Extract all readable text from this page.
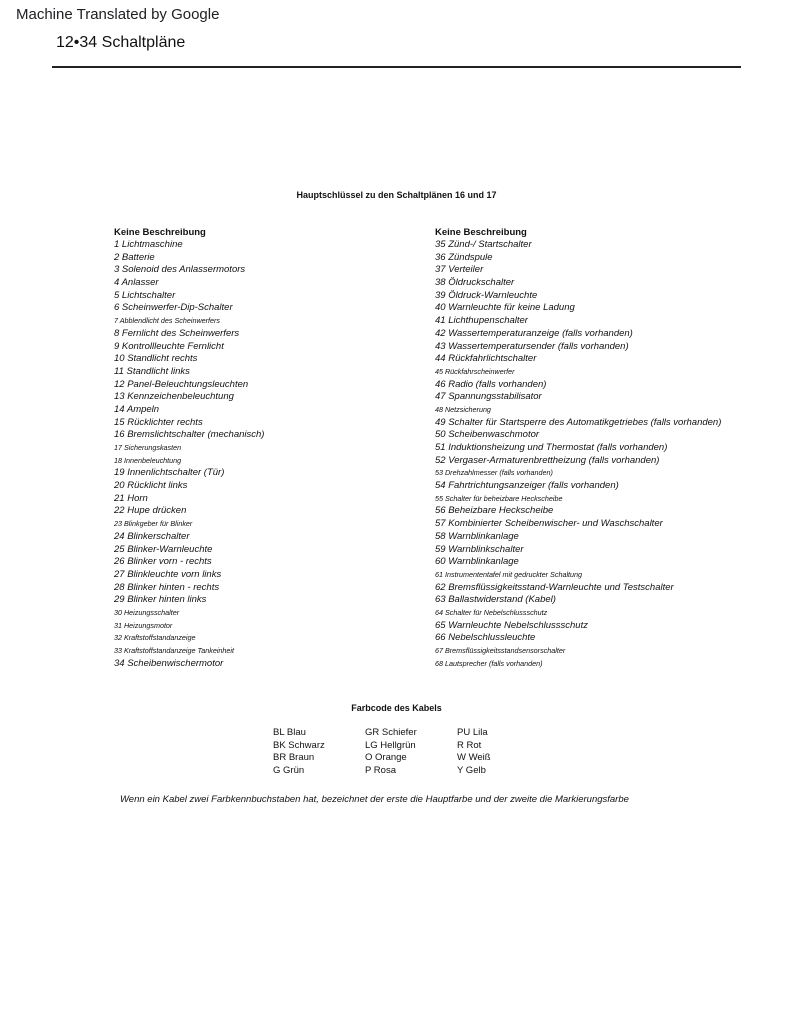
Machine Translated by Google
12•34 Schaltpläne
Hauptschlüssel zu den Schaltplänen 16 und 17
Keine Beschreibung
1 Lichtmaschine
2 Batterie
3 Solenoid des Anlassermotors
4 Anlasser
5 Lichtschalter
6 Scheinwerfer-Dip-Schalter
7 Abblendlicht des Scheinwerfers
8 Fernlicht des Scheinwerfers
9 Kontrollleuchte Fernlicht
10 Standlicht rechts
11 Standlicht links
12 Panel-Beleuchtungsleuchten
13 Kennzeichenbeleuchtung
14 Ampeln
15 Rücklichter rechts
16 Bremslichtschalter (mechanisch)
17 Sicherungskasten
18 Innenbeleuchtung
19 Innenlichtschalter (Tür)
20 Rücklicht links
21 Horn
22 Hupe drücken
23 Blinkgeber für Blinker
24 Blinkerschalter
25 Blinker-Warnleuchte
26 Blinker vorn - rechts
27 Blinkleuchte vorn links
28 Blinker hinten - rechts
29 Blinker hinten links
30 Heizungsschalter
31 Heizungsmotor
32 Kraftstoffstandanzeige
33 Kraftstoffstandanzeige Tankeinheit
34 Scheibenwischermotor
Keine Beschreibung
35 Zünd-/ Startschalter
36 Zündspule
37 Verteiler
38 Öldruckschalter
39 Öldruck-Warnleuchte
40 Warnleuchte für keine Ladung
41 Lichthupenschalter
42 Wassertemperaturanzeige (falls vorhanden)
43 Wassertemperatursender (falls vorhanden)
44 Rückfahrlichtschalter
45 Rückfahrscheinwerfer
46 Radio (falls vorhanden)
47 Spannungsstabilisator
48 Netzsicherung
49 Schalter für Startsperre des Automatikgetriebes (falls vorhanden)
50 Scheibenwaschmotor
51 Induktionsheizung und Thermostat (falls vorhanden)
52 Vergaser-Armaturenbrettheizung (falls vorhanden)
53 Drehzahlmesser (falls vorhanden)
54 Fahrtrichtungsanzeiger (falls vorhanden)
55 Schalter für beheizbare Heckscheibe
56 Beheizbare Heckscheibe
57 Kombinierter Scheibenwischer- und Waschschalter
58 Warnblinkanlage
59 Warnblinkschalter
60 Warnblinkanlage
61 Instrumententafel mit gedruckter Schaltung
62 Bremsflüssigkeitsstand-Warnleuchte und Testschalter
63 Ballastwiderstand (Kabel)
64 Schalter für Nebelschlussschutz
65 Warnleuchte Nebelschlussschutz
66 Nebelschlussleuchte
67 Bremsflüssigkeitsstandsensorschalter
68 Lautsprecher (falls vorhanden)
Farbcode des Kabels
BL Blau
BK Schwarz
BR Braun
G Grün
GR Schiefer
LG Hellgrün
O Orange
P Rosa
PU Lila
R Rot
W Weiß
Y Gelb
Wenn ein Kabel zwei Farbkennbuchstaben hat, bezeichnet der erste die Hauptfarbe und der zweite die Markierungsfarbe
